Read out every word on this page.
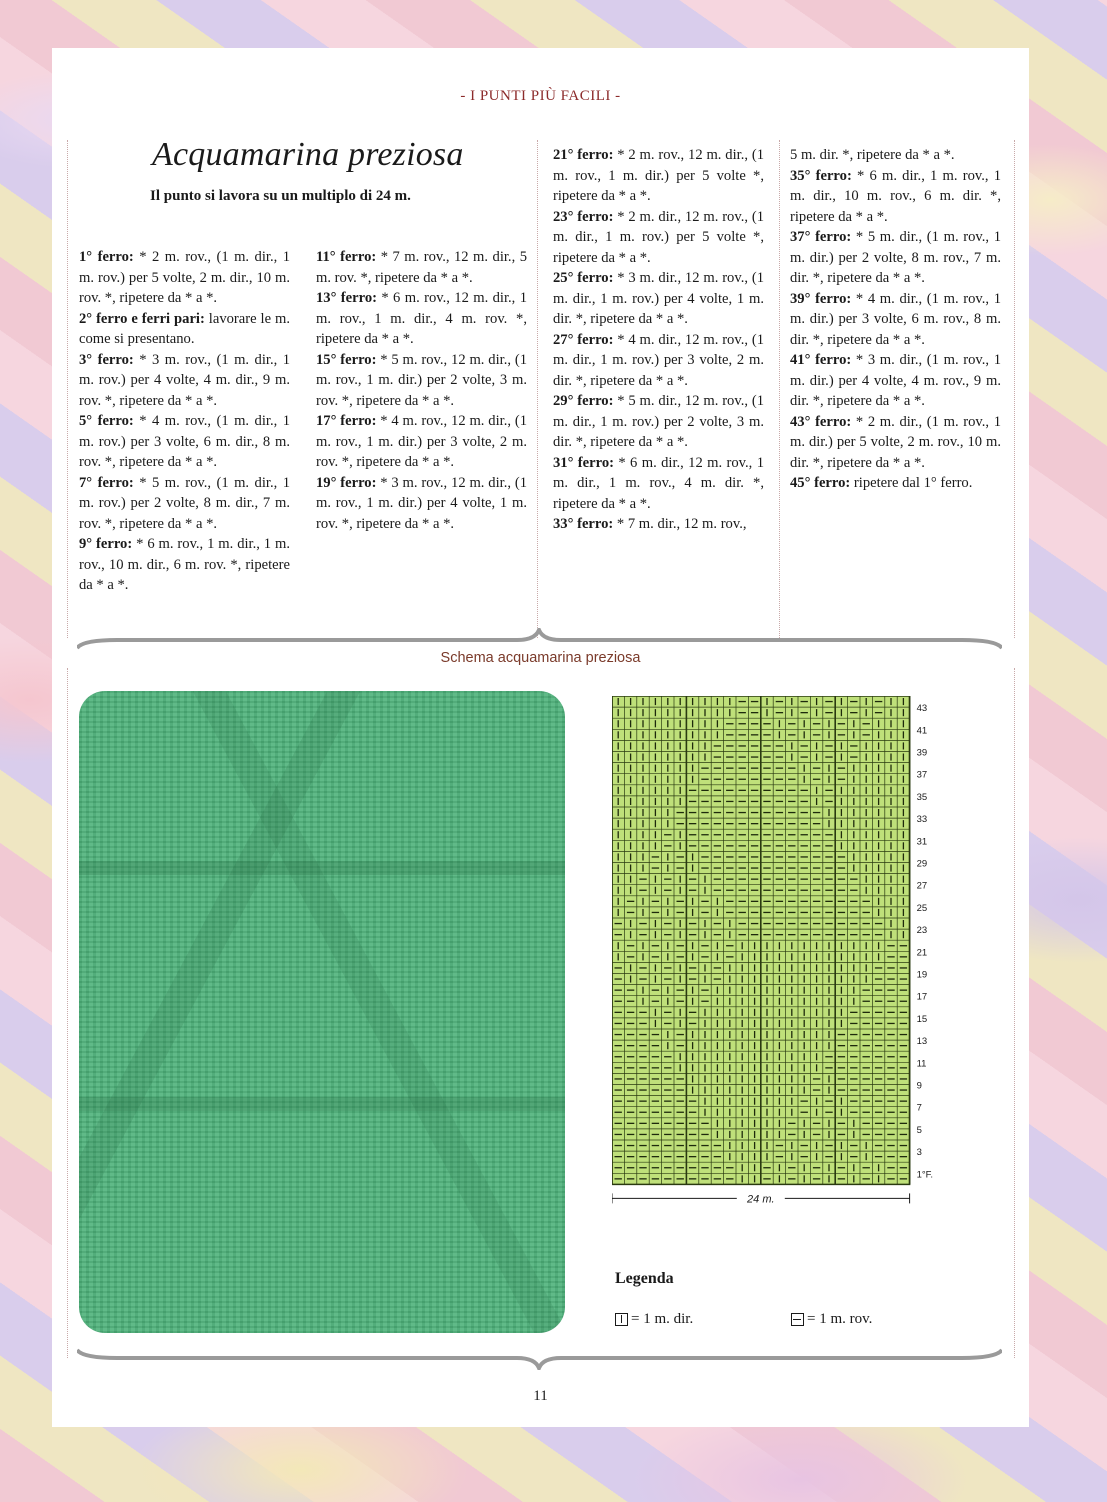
- I PUNTI PIÙ FACILI -
Acquamarina preziosa
Il punto si lavora su un multiplo di 24 m.

1° ferro: * 2 m. rov., (1 m. dir., 1 m. rov.) per 5 volte, 2 m. dir., 10 m. rov. *, ripetere da * a *.

2° ferro e ferri pari: lavorare le m. come si presentano.

3° ferro: * 3 m. rov., (1 m. dir., 1 m. rov.) per 4 volte, 4 m. dir., 9 m. rov. *, ripetere da * a *.

5° ferro: * 4 m. rov., (1 m. dir., 1 m. rov.) per 3 volte, 6 m. dir., 8 m. rov. *, ripetere da * a *.

7° ferro: * 5 m. rov., (1 m. dir., 1 m. rov.) per 2 volte, 8 m. dir., 7 m. rov. *, ripetere da * a *.

9° ferro: * 6 m. rov., 1 m. dir., 1 m. rov., 10 m. dir., 6 m. rov. *, ripetere da * a *.

11° ferro: * 7 m. rov., 12 m. dir., 5 m. rov. *, ripetere da * a *.

13° ferro: * 6 m. rov., 12 m. dir., 1 m. rov., 1 m. dir., 4 m. rov. *, ripetere da * a *.

15° ferro: * 5 m. rov., 12 m. dir., (1 m. rov., 1 m. dir.) per 2 volte, 3 m. rov. *, ripetere da * a *.

17° ferro: * 4 m. rov., 12 m. dir., (1 m. rov., 1 m. dir.) per 3 volte, 2 m. rov. *, ripetere da * a *.

19° ferro: * 3 m. rov., 12 m. dir., (1 m. rov., 1 m. dir.) per 4 volte, 1 m. rov. *, ripetere da * a *.

21° ferro: * 2 m. rov., 12 m. dir., (1 m. rov., 1 m. dir.) per 5 volte *, ripetere da * a *.

23° ferro: * 2 m. dir., 12 m. rov., (1 m. dir., 1 m. rov.) per 5 volte *, ripetere da * a *.

25° ferro: * 3 m. dir., 12 m. rov., (1 m. dir., 1 m. rov.) per 4 volte, 1 m. dir. *, ripetere da * a *.

27° ferro: * 4 m. dir., 12 m. rov., (1 m. dir., 1 m. rov.) per 3 volte, 2 m. dir. *, ripetere da * a *.

29° ferro: * 5 m. dir., 12 m. rov., (1 m. dir., 1 m. rov.) per 2 volte, 3 m. dir. *, ripetere da * a *.

31° ferro: * 6 m. dir., 12 m. rov., 1 m. dir., 1 m. rov., 4 m. dir. *, ripetere da * a *.

33° ferro: * 7 m. dir., 12 m. rov.,

5 m. dir. *, ripetere da * a *.

35° ferro: * 6 m. dir., 1 m. rov., 1 m. dir., 10 m. rov., 6 m. dir. *, ripetere da * a *.

37° ferro: * 5 m. dir., (1 m. rov., 1 m. dir.) per 2 volte, 8 m. rov., 7 m. dir. *, ripetere da * a *.

39° ferro: * 4 m. dir., (1 m. rov., 1 m. dir.) per 3 volte, 6 m. rov., 8 m. dir. *, ripetere da * a *.

41° ferro: * 3 m. dir., (1 m. rov., 1 m. dir.) per 4 volte, 4 m. rov., 9 m. dir. *, ripetere da * a *.

43° ferro: * 2 m. dir., (1 m. rov., 1 m. dir.) per 5 volte, 2 m. rov., 10 m. dir. *, ripetere da * a *.

45° ferro: ripetere dal 1° ferro.

Schema acquamarina preziosa
43
41
39
37
35
33
31
29
27
25
23
21
19
17
15
13
11
9
7
5
3
1°F.
24 m.
Legenda
= 1 m. dir.	= 1 m. rov.
11
